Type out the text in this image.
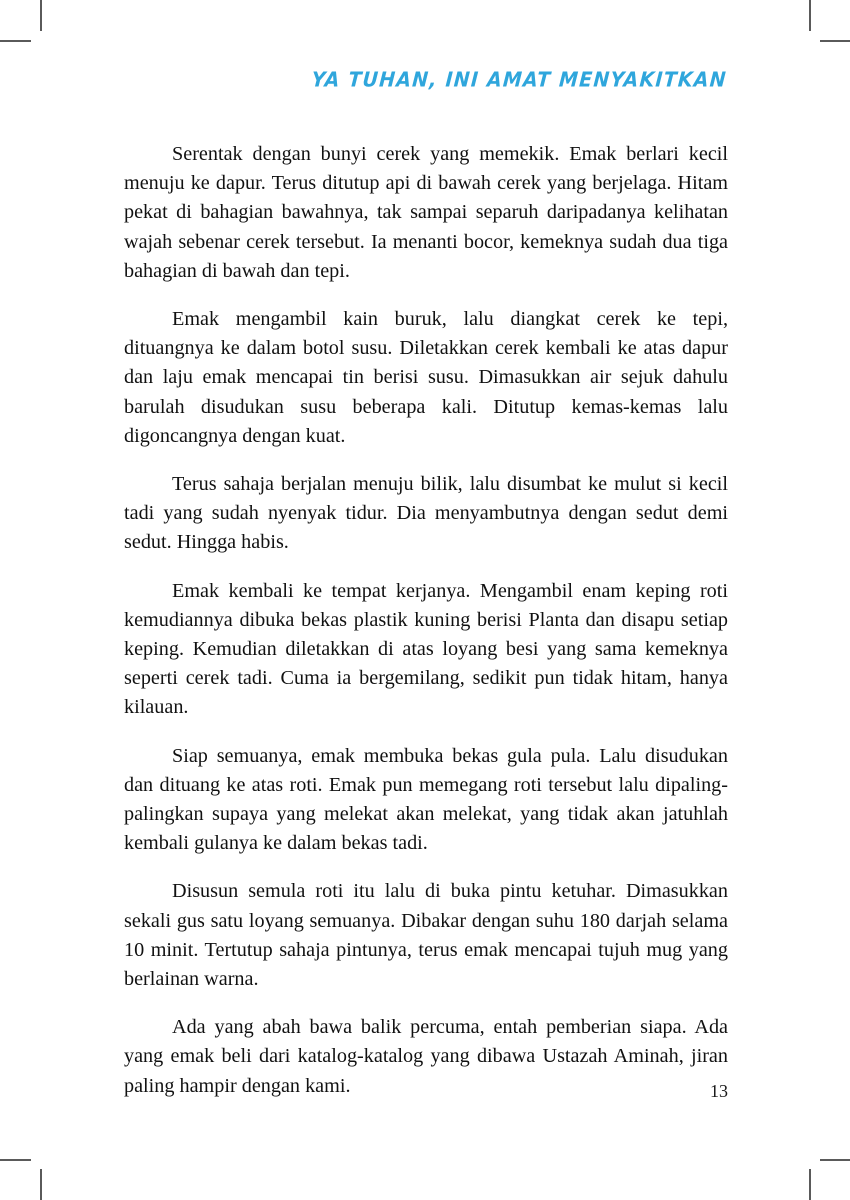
YA TUHAN, INI AMAT MENYAKITKAN

Serentak dengan bunyi cerek yang memekik. Emak berlari kecil menuju ke dapur. Terus ditutup api di bawah cerek yang berjelaga. Hitam pekat di bahagian bawahnya, tak sampai separuh daripadanya kelihatan wajah sebenar cerek tersebut. Ia menanti bocor, kemeknya sudah dua tiga bahagian di bawah dan tepi.

Emak mengambil kain buruk, lalu diangkat cerek ke tepi, dituangnya ke dalam botol susu. Diletakkan cerek kembali ke atas dapur dan laju emak mencapai tin berisi susu. Dimasukkan air sejuk dahulu barulah disudukan susu beberapa kali. Ditutup kemas-kemas lalu digoncangnya dengan kuat.

Terus sahaja berjalan menuju bilik, lalu disumbat ke mulut si kecil tadi yang sudah nyenyak tidur. Dia menyambutnya dengan sedut demi sedut. Hingga habis.

Emak kembali ke tempat kerjanya. Mengambil enam keping roti kemudiannya dibuka bekas plastik kuning berisi Planta dan disapu setiap keping. Kemudian diletakkan di atas loyang besi yang sama kemeknya seperti cerek tadi. Cuma ia bergemilang, sedikit pun tidak hitam, hanya kilauan.

Siap semuanya, emak membuka bekas gula pula. Lalu disudukan dan dituang ke atas roti. Emak pun memegang roti tersebut lalu dipaling-palingkan supaya yang melekat akan melekat, yang tidak akan jatuhlah kembali gulanya ke dalam bekas tadi.

Disusun semula roti itu lalu di buka pintu ketuhar. Dimasukkan sekali gus satu loyang semuanya. Dibakar dengan suhu 180 darjah selama 10 minit. Tertutup sahaja pintunya, terus emak mencapai tujuh mug yang berlainan warna.

Ada yang abah bawa balik percuma, entah pemberian siapa. Ada yang emak beli dari katalog-katalog yang dibawa Ustazah Aminah, jiran paling hampir dengan kami.	13
